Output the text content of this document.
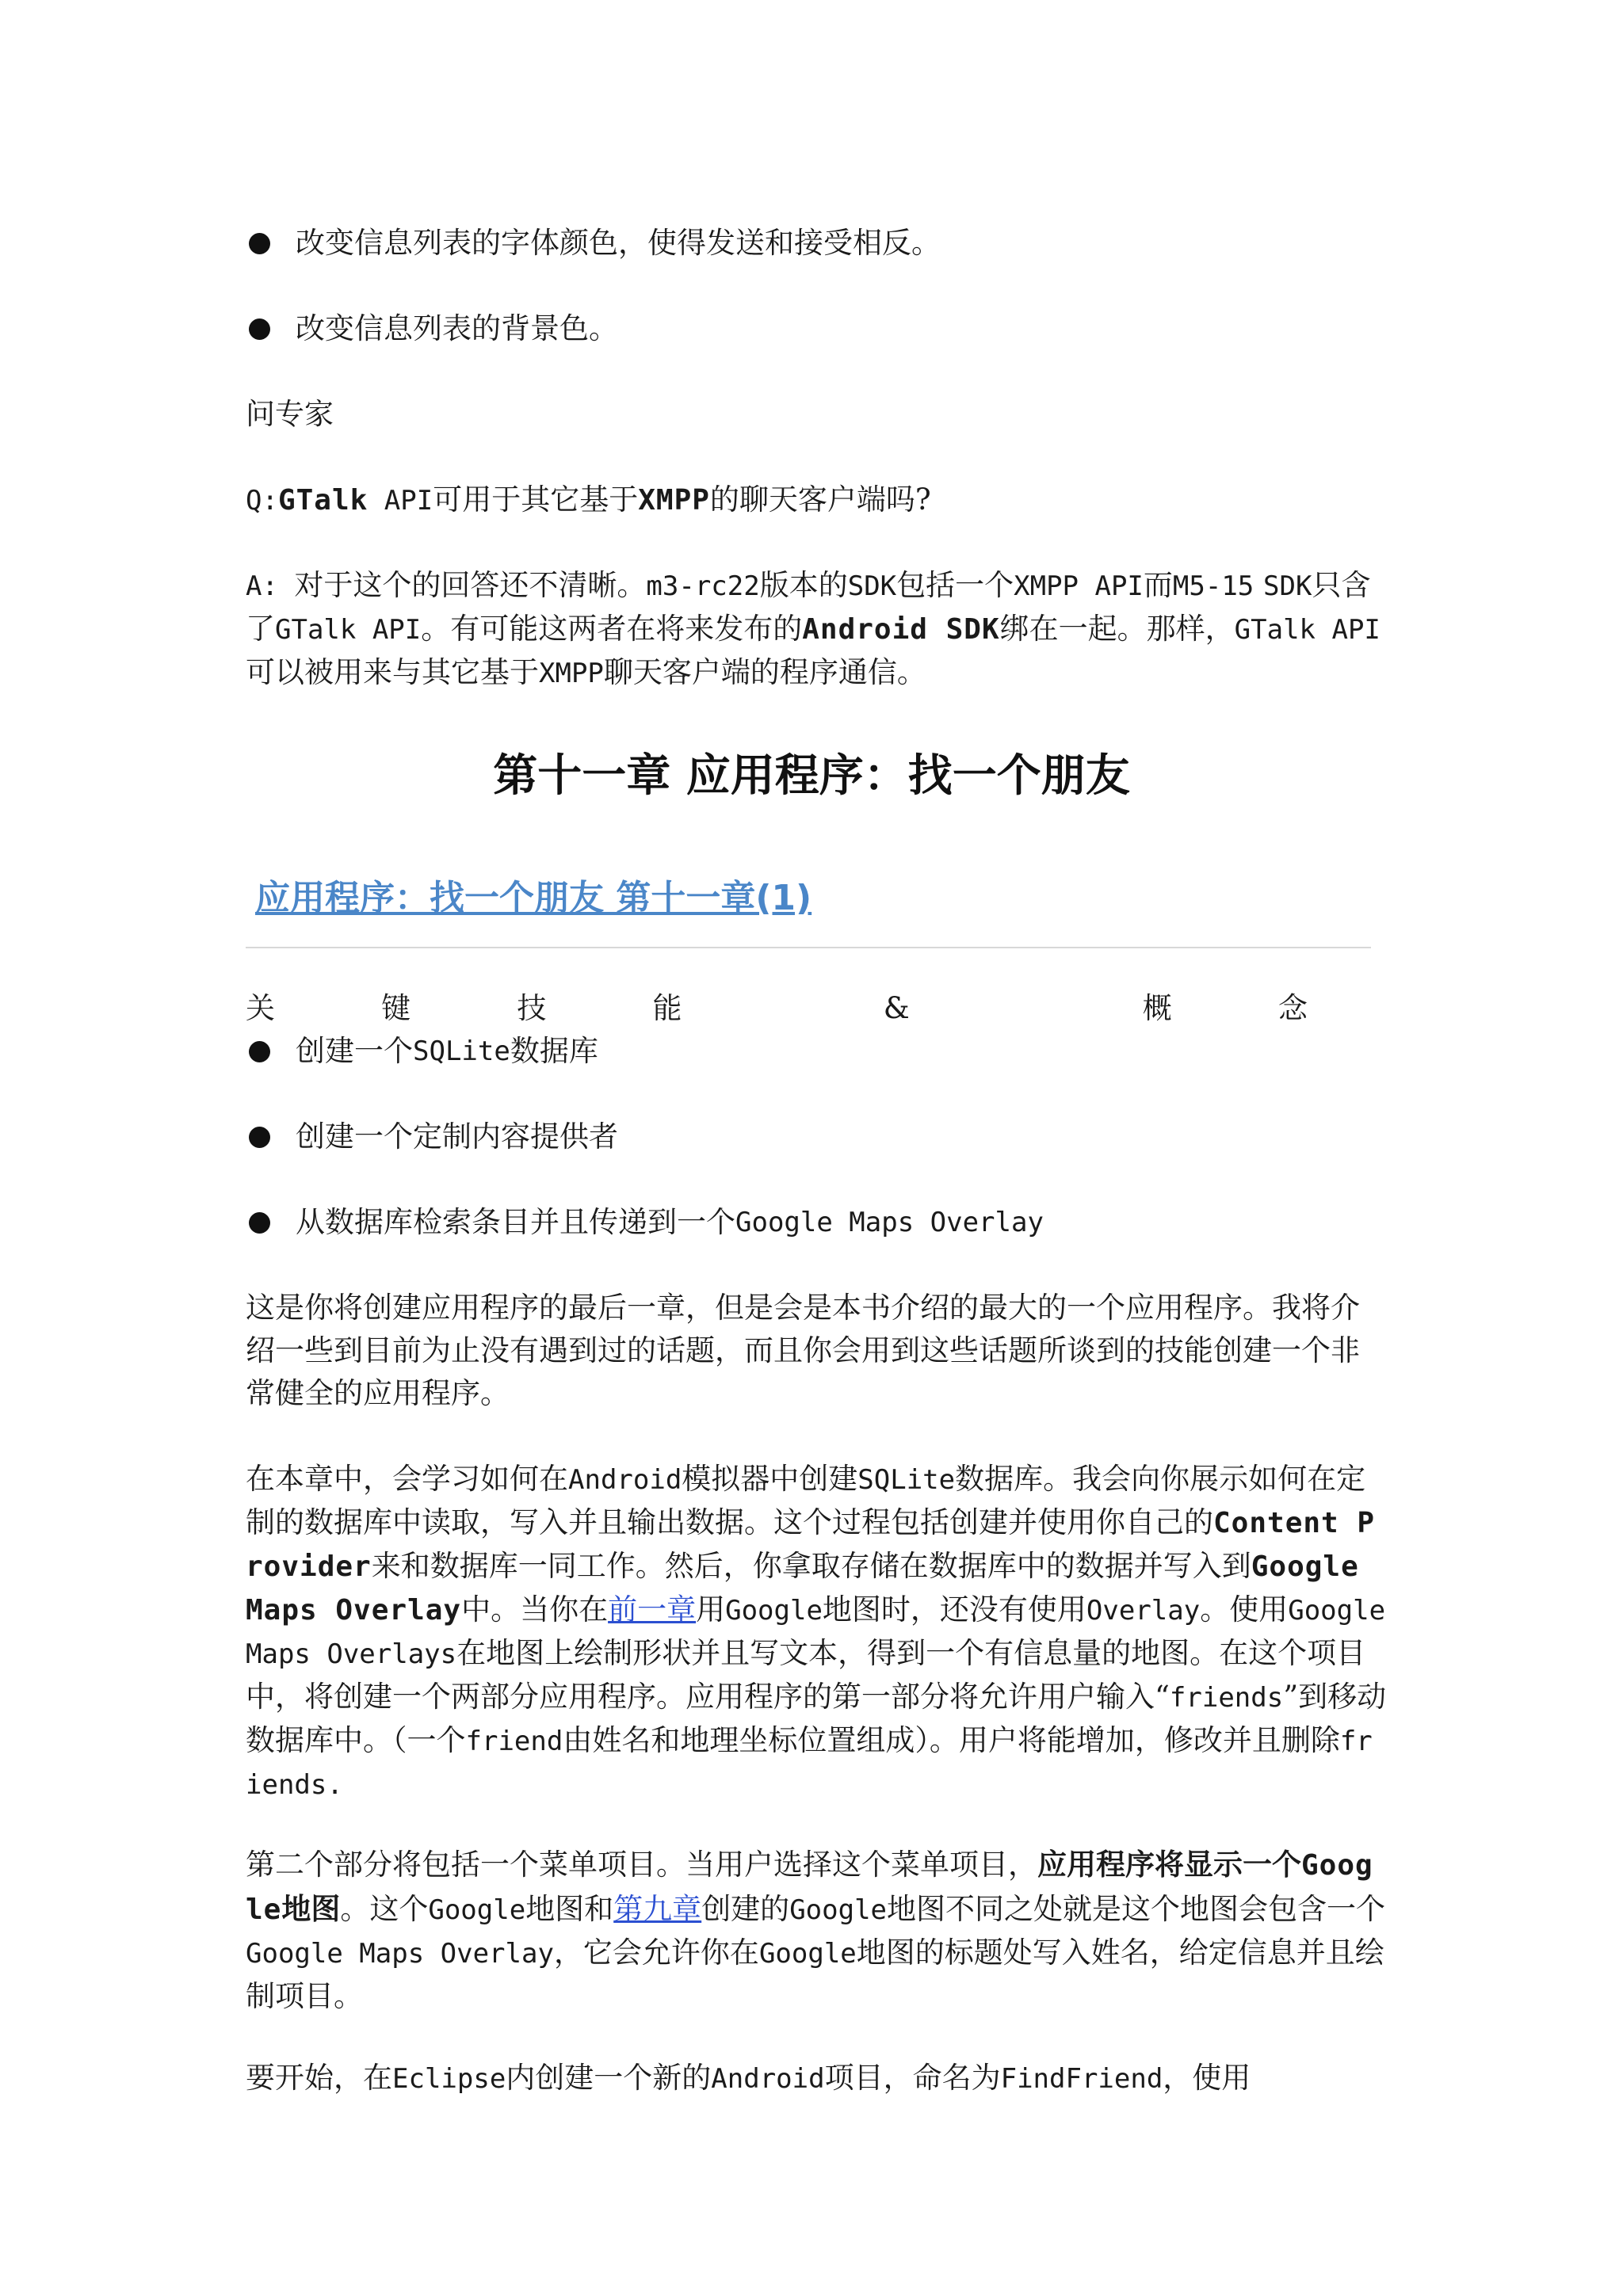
改变信息列表的字体颜色，使得发送和接受相反。
改变信息列表的背景色。

问专家

Q:GTalk API可用于其它基于XMPP的聊天客户端吗?

A: 对于这个的回答还不清晰。m3-rc22版本的SDK包括一个XMPP API而M5-15 SDK只含了GTalk API。有可能这两者在将来发布的Android SDK绑在一起。那样，GTalk API可以被用来与其它基于XMPP聊天客户端的程序通信。

第十一章 应用程序：找一个朋友
应用程序：找一个朋友 第十一章(1)
关	键	技	能	&	概	念
创建一个 SQLite 数据库
创建一个定制内容提供者
从数据库检索条目并且传递到一个 Google Maps Overlay

这是你将创建应用程序的最后一章，但是会是本书介绍的最大的一个应用程序。我将介绍一些到目前为止没有遇到过的话题，而且你会用到这些话题所谈到的技能创建一个非常健全的应用程序。

在本章中，会学习如何在Android模拟器中创建SQLite数据库。我会向你展示如何在定制的数据库中读取，写入并且输出数据。这个过程包括创建并使用你自己的Content Provider来和数据库一同工作。然后，你拿取存储在数据库中的数据并写入到Google Maps Overlay中。当你在前一章用Google地图时，还没有使用Overlay。使用Google Maps Overlays在地图上绘制形状并且写文本，得到一个有信息量的地图。在这个项目中，将创建一个两部分应用程序。应用程序的第一部分将允许用户输入“friends”到移动数据库中。（一个friend由姓名和地理坐标位置组成）。用户将能增加，修改并且删除friends.

第二个部分将包括一个菜单项目。当用户选择这个菜单项目，应用程序将显示一个Google地图。这个Google地图和第九章创建的Google地图不同之处就是这个地图会包含一个Google Maps Overlay，它会允许你在Google地图的标题处写入姓名，给定信息并且绘制项目。

要开始，在Eclipse内创建一个新的Android项目，命名为FindFriend，使用
